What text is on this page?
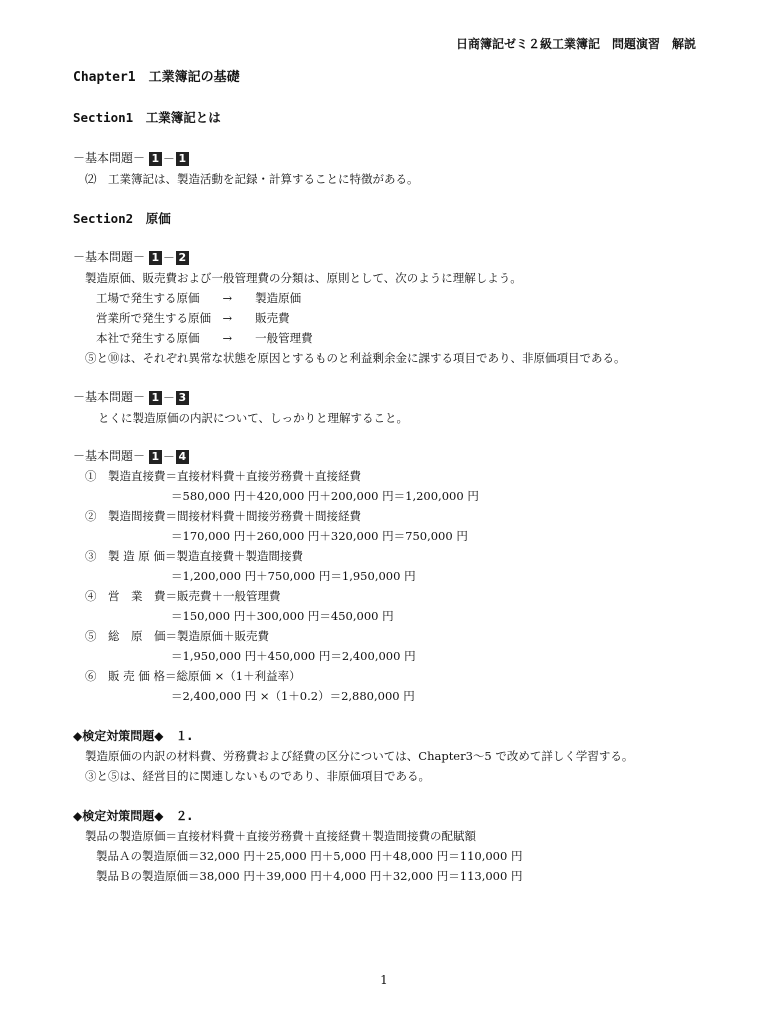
日商簿記ゼミ２級工業簿記　問題演習　解説
Chapter1　工業簿記の基礎
Section1　工業簿記とは
－基本問題－ 1 － 1
⑵　工業簿記は、製造活動を記録・計算することに特徴がある。
Section2　原価
－基本問題－ 1 － 2
製造原価、販売費および一般管理費の分類は、原則として、次のように理解しよう。
工場で発生する原価　　→　　製造原価
営業所で発生する原価　→　　販売費
本社で発生する原価　　→　　一般管理費
⑤と⑩は、それぞれ異常な状態を原因とするものと利益剰余金に課する項目であり、非原価項目である。
－基本問題－ 1 － 3
とくに製造原価の内訳について、しっかりと理解すること。
－基本問題－ 1 － 4
①　製造直接費＝直接材料費＋直接労務費＋直接経費
＝580,000 円＋420,000 円＋200,000 円＝1,200,000 円
②　製造間接費＝間接材料費＋間接労務費＋間接経費
＝170,000 円＋260,000 円＋320,000 円＝750,000 円
③　製 造 原 価＝製造直接費＋製造間接費
＝1,200,000 円＋750,000 円＝1,950,000 円
④　営　業　費＝販売費＋一般管理費
＝150,000 円＋300,000 円＝450,000 円
⑤　総　原　価＝製造原価＋販売費
＝1,950,000 円＋450,000 円＝2,400,000 円
⑥　販 売 価 格＝総原価 ×（1＋利益率）
＝2,400,000 円 ×（1＋0.2）＝2,880,000 円
◆検定対策問題◆　１.
製造原価の内訳の材料費、労務費および経費の区分については、Chapter3～5 で改めて詳しく学習する。
③と⑤は、経営目的に関連しないものであり、非原価項目である。
◆検定対策問題◆　２.
製品の製造原価＝直接材料費＋直接労務費＋直接経費＋製造間接費の配賦額
製品Ａの製造原価＝32,000 円＋25,000 円＋5,000 円＋48,000 円＝110,000 円
製品Ｂの製造原価＝38,000 円＋39,000 円＋4,000 円＋32,000 円＝113,000 円
1
